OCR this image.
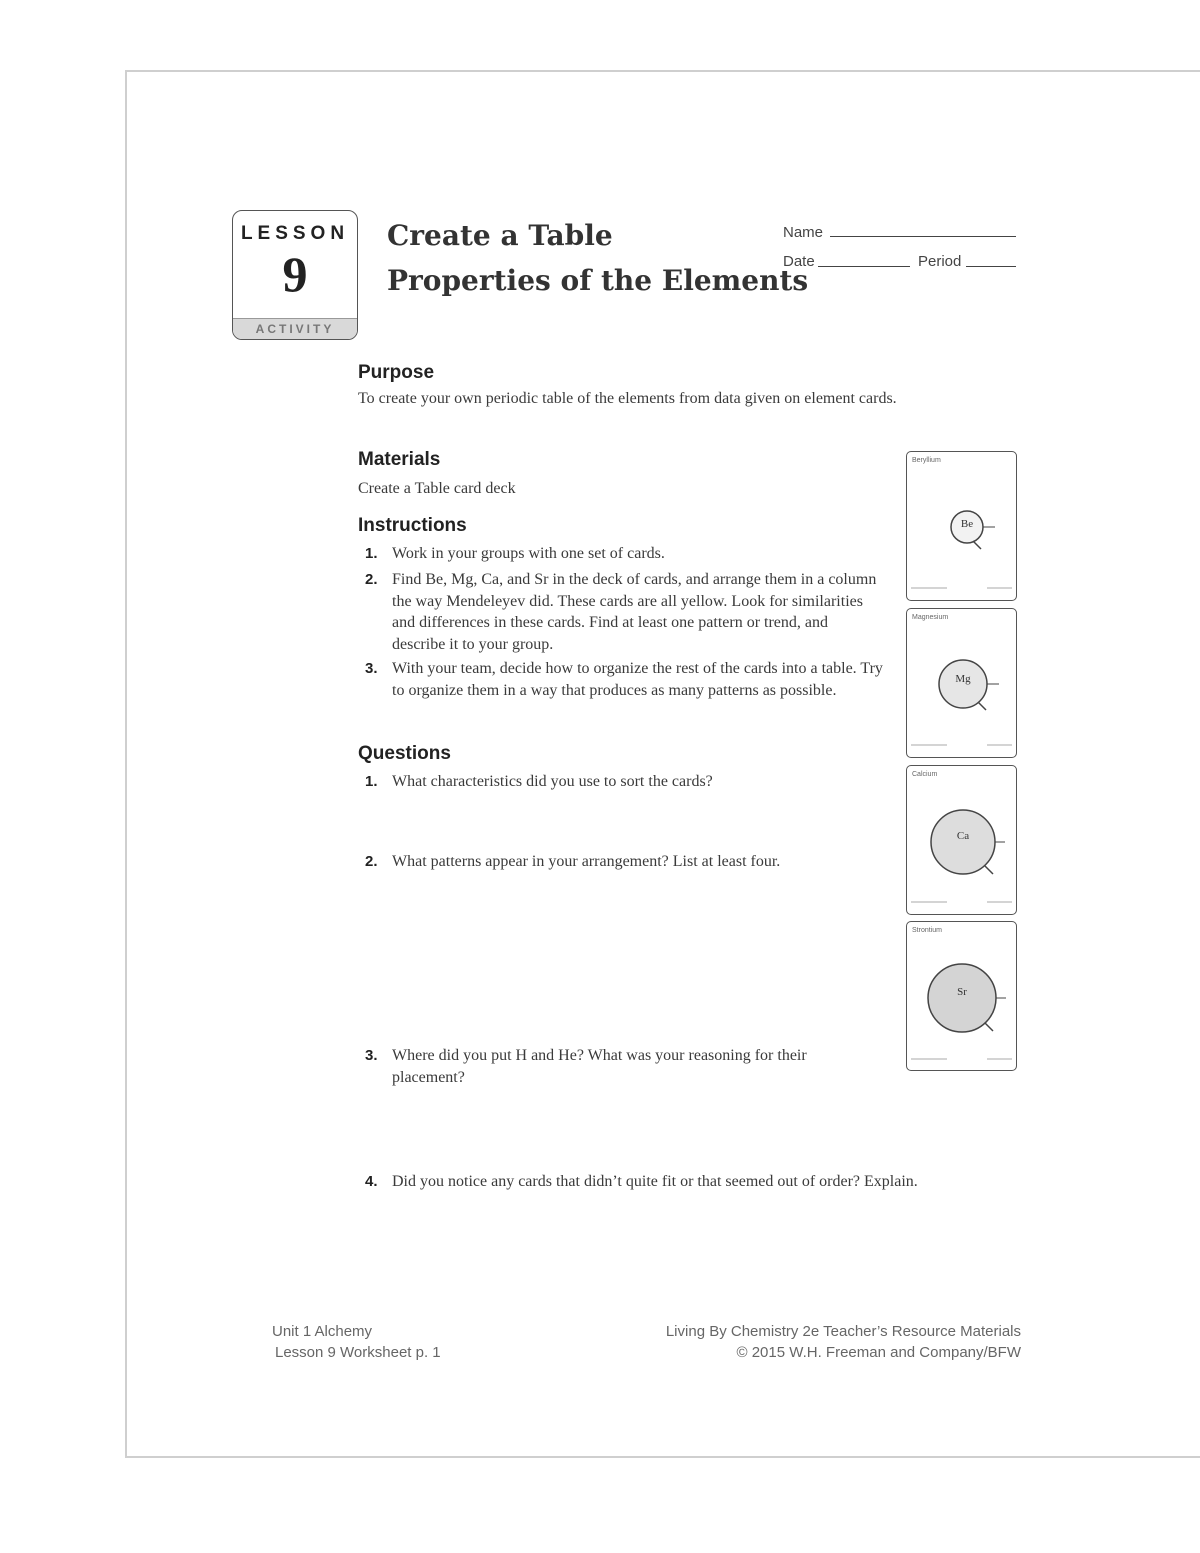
LESSON
9
ACTIVITY
Create a Table
Properties of the Elements
Name
Date	Period
Purpose

To create your own periodic table of the elements from data given on element cards.

Materials

Create a Table card deck

Instructions
1. Work in your groups with one set of cards.
2. Find Be, Mg, Ca, and Sr in the deck of cards, and arrange them in a column the way Mendeleyev did. These cards are all yellow. Look for similarities and differences in these cards. Find at least one pattern or trend, and describe it to your group.
3. With your team, decide how to organize the rest of the cards into a table. Try to organize them in a way that produces as many patterns as possible.
Questions
1. What characteristics did you use to sort the cards?
2. What patterns appear in your arrangement? List at least four.
3. Where did you put H and He? What was your reasoning for their placement?
4. Did you notice any cards that didn’t quite fit or that seemed out of order? Explain.
Beryllium
Be
Magnesium
Mg
Calcium
Ca
Strontium
Sr
Unit 1 Alchemy
Lesson 9 Worksheet p. 1
Living By Chemistry 2e Teacher’s Resource Materials
© 2015 W.H. Freeman and Company/BFW
